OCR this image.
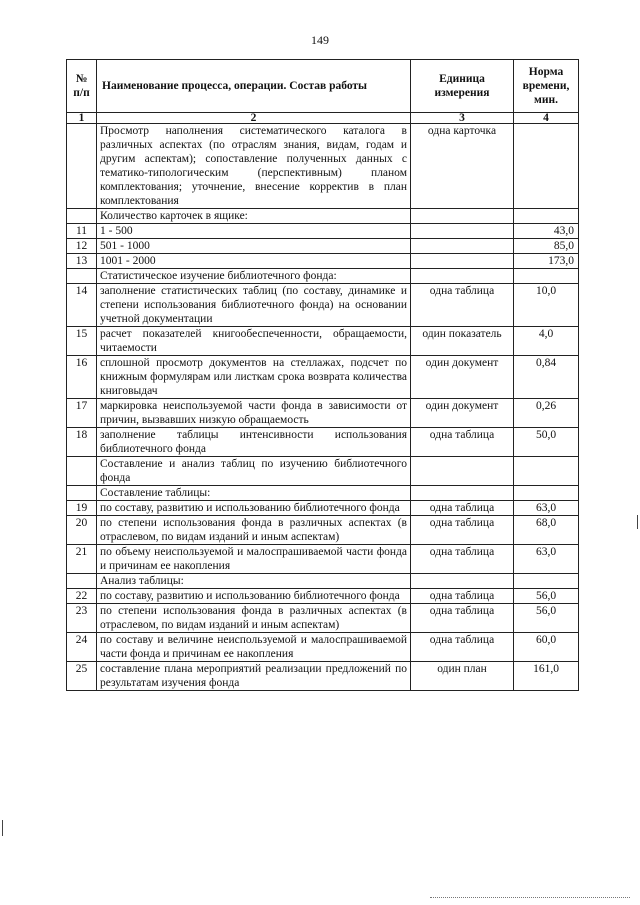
149
№ п/п	Наименование процесса, операции. Состав работы	Единица измерения	Норма времени, мин.
1	2	3	4
	Просмотр наполнения систематического каталога в различных аспектах (по отраслям знания, видам, годам и другим аспектам); сопоставление полученных данных с тематико-типологическим (перспективным) планом комплектования; уточнение, внесение корректив в план комплектования	одна карточка	
	Количество карточек в ящике:		
11	1 - 500		43,0
12	501 - 1000		85,0
13	1001 - 2000		173,0
	Статистическое изучение библиотечного фонда:		
14	заполнение статистических таблиц (по составу, динамике и степени использования библиотечного фонда) на основании учетной документации	одна таблица	10,0
15	расчет показателей книгообеспеченности, обращаемости, читаемости	один показатель	4,0
16	сплошной просмотр документов на стеллажах, подсчет по книжным формулярам или листкам срока возврата количества книговыдач	один документ	0,84
17	маркировка неиспользуемой части фонда в зависимости от причин, вызвавших низкую обращаемость	один документ	0,26
18	заполнение таблицы интенсивности использования библиотечного фонда	одна таблица	50,0
	Составление и анализ таблиц по изучению библиотечного фонда		
	Составление таблицы:		
19	по составу, развитию и использованию библиотечного фонда	одна таблица	63,0
20	по степени использования фонда в различных аспектах (в отраслевом, по видам изданий и иным аспектам)	одна таблица	68,0
21	по объему неиспользуемой и малоспрашиваемой части фонда и причинам ее накопления	одна таблица	63,0
	Анализ таблицы:		
22	по составу, развитию и использованию библиотечного фонда	одна таблица	56,0
23	по степени использования фонда в различных аспектах (в отраслевом, по видам изданий и иным аспектам)	одна таблица	56,0
24	по составу и величине неиспользуемой и малоспрашиваемой части фонда и причинам ее накопления	одна таблица	60,0
25	составление плана мероприятий реализации предложений по результатам изучения фонда	один план	161,0
